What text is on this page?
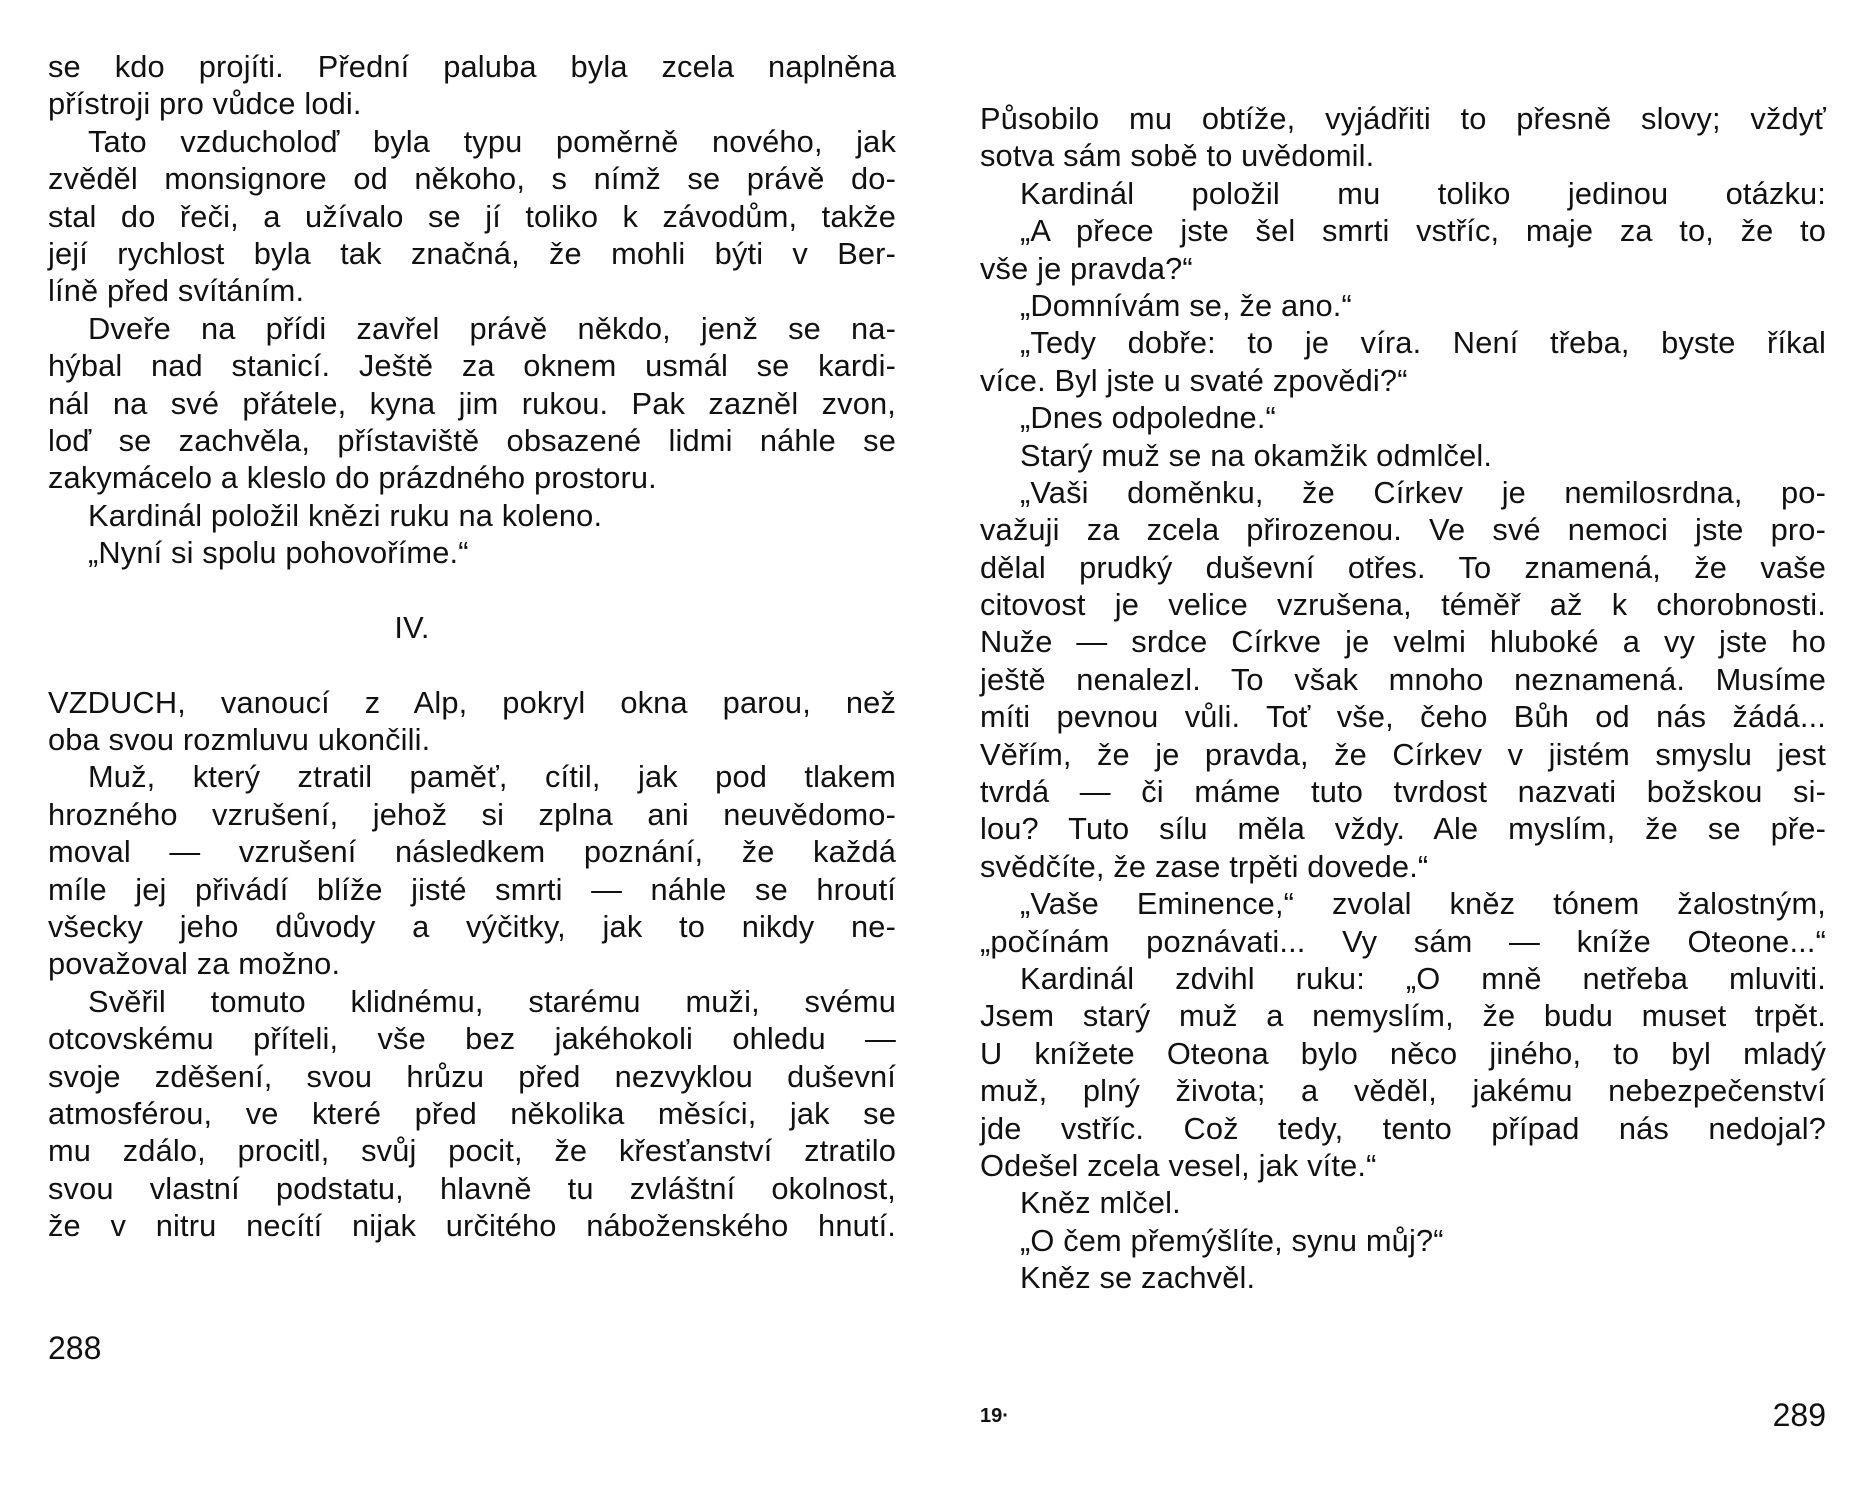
se kdo projíti. Přední paluba byla zcela naplněna
přístroji pro vůdce lodi.
Tato vzducholoď byla typu poměrně nového, jak
zvěděl monsignore od někoho, s nímž se právě do-
stal do řeči, a užívalo se jí toliko k závodům, takže
její rychlost byla tak značná, že mohli býti v Ber-
líně před svítáním.
Dveře na přídi zavřel právě někdo, jenž se na-
hýbal nad stanicí. Ještě za oknem usmál se kardi-
nál na své přátele, kyna jim rukou. Pak zazněl zvon,
loď se zachvěla, přístaviště obsazené lidmi náhle se
zakymácelo a kleslo do prázdného prostoru.
Kardinál položil knězi ruku na koleno.
„Nyní si spolu pohovoříme.“
IV.
VZDUCH, vanoucí z Alp, pokryl okna parou, než
oba svou rozmluvu ukončili.
Muž, který ztratil paměť, cítil, jak pod tlakem
hrozného vzrušení, jehož si zplna ani neuvědomo-
moval — vzrušení následkem poznání, že každá
míle jej přivádí blíže jisté smrti — náhle se hroutí
všecky jeho důvody a výčitky, jak to nikdy ne-
považoval za možno.
Svěřil tomuto klidnému, starému muži, svému
otcovskému příteli, vše bez jakéhokoli ohledu —
svoje zděšení, svou hrůzu před nezvyklou duševní
atmosférou, ve které před několika měsíci, jak se
mu zdálo, procitl, svůj pocit, že křesťanství ztratilo
svou vlastní podstatu, hlavně tu zvláštní okolnost,
že v nitru necítí nijak určitého náboženského hnutí.
288
Působilo mu obtíže, vyjádřiti to přesně slovy; vždyť
sotva sám sobě to uvědomil.
Kardinál položil mu toliko jedinou otázku:
„A přece jste šel smrti vstříc, maje za to, že to
vše je pravda?“
„Domnívám se, že ano.“
„Tedy dobře: to je víra. Není třeba, byste říkal
více. Byl jste u svaté zpovědi?“
„Dnes odpoledne.“
Starý muž se na okamžik odmlčel.
„Vaši doměnku, že Církev je nemilosrdna, po-
važuji za zcela přirozenou. Ve své nemoci jste pro-
dělal prudký duševní otřes. To znamená, že vaše
citovost je velice vzrušena, téměř až k chorobnosti.
Nuže — srdce Církve je velmi hluboké a vy jste ho
ještě nenalezl. To však mnoho neznamená. Musíme
míti pevnou vůli. Toť vše, čeho Bůh od nás žádá...
Věřím, že je pravda, že Církev v jistém smyslu jest
tvrdá — či máme tuto tvrdost nazvati božskou si-
lou? Tuto sílu měla vždy. Ale myslím, že se pře-
svědčíte, že zase trpěti dovede.“
„Vaše Eminence,“ zvolal kněz tónem žalostným,
„počínám poznávati... Vy sám — kníže Oteone...“
Kardinál zdvihl ruku: „O mně netřeba mluviti.
Jsem starý muž a nemyslím, že budu muset trpět.
U knížete Oteona bylo něco jiného, to byl mladý
muž, plný života; a věděl, jakému nebezpečenství
jde vstříc. Což tedy, tento případ nás nedojal?
Odešel zcela vesel, jak víte.“
Kněz mlčel.
„O čem přemýšlíte, synu můj?“
Kněz se zachvěl.
19·	289
